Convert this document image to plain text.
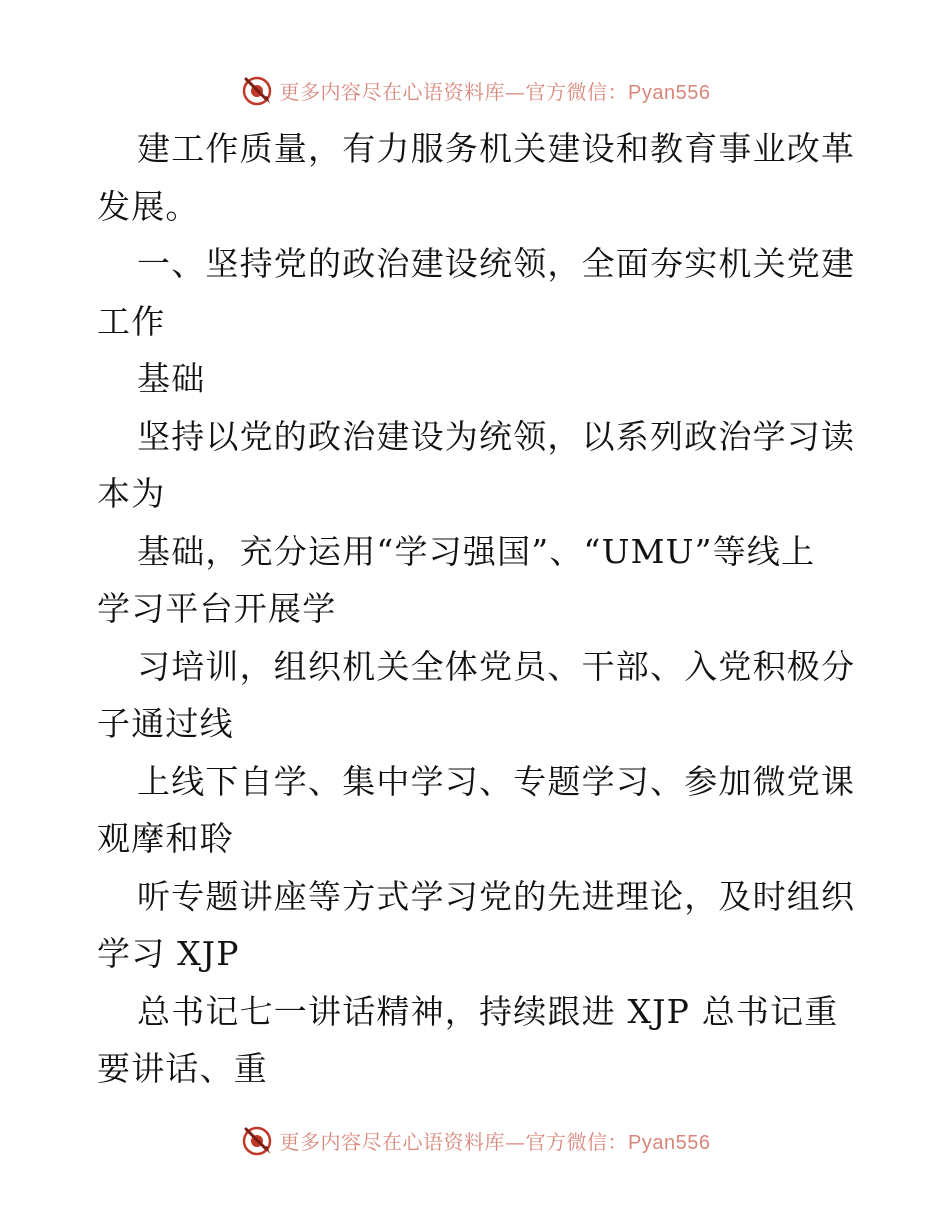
更多内容尽在心语资料库—官方微信：Pyan556
建工作质量，有力服务机关建设和教育事业改革
发展。
一、坚持党的政治建设统领，全面夯实机关党建
工作
基础
坚持以党的政治建设为统领，以系列政治学习读
本为
基础，充分运用“学习强国”、“UMU”等线上
学习平台开展学
习培训，组织机关全体党员、干部、入党积极分
子通过线
上线下自学、集中学习、专题学习、参加微党课
观摩和聆
听专题讲座等方式学习党的先进理论，及时组织
学习 XJP
总书记七一讲话精神，持续跟进 XJP 总书记重
要讲话、重
更多内容尽在心语资料库—官方微信：Pyan556
